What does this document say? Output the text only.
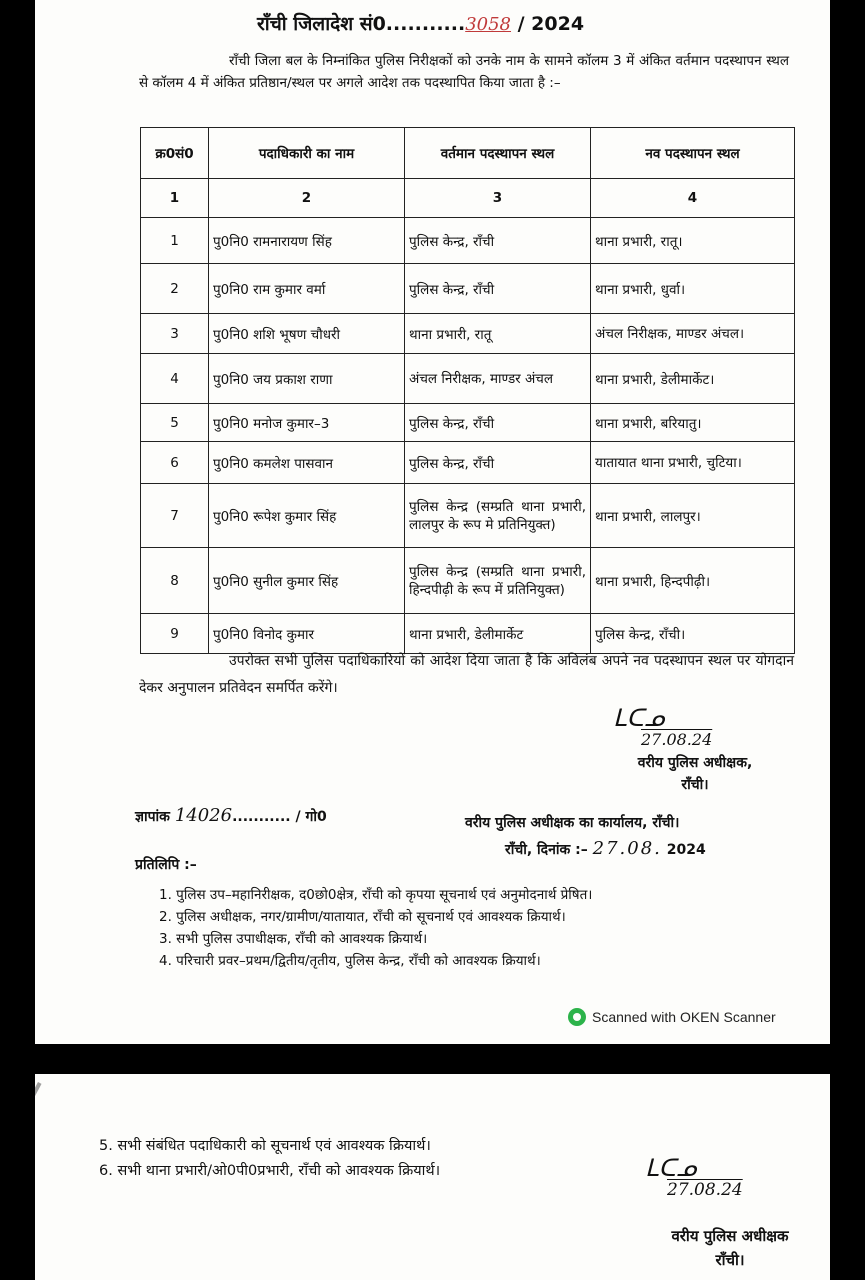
राँची जिलादेश सं0...........3058 / 2024
राँची जिला बल के निम्नांकित पुलिस निरीक्षकों को उनके नाम के सामने कॉलम 3 में अंकित वर्तमान पदस्थापन स्थल से कॉलम 4 में अंकित प्रतिष्ठान/स्थल पर अगले आदेश तक पदस्थापित किया जाता है :–
क्र0सं0	पदाधिकारी का नाम	वर्तमान पदस्थापन स्थल	नव पदस्थापन स्थल
1	2	3	4
1	पु0नि0 रामनारायण सिंह	पुलिस केन्द्र, राँची	थाना प्रभारी, रातू।
2	पु0नि0 राम कुमार वर्मा	पुलिस केन्द्र, राँची	थाना प्रभारी, धुर्वा।
3	पु0नि0 शशि भूषण चौधरी	थाना प्रभारी, रातू	अंचल निरीक्षक, माण्डर अंचल।
4	पु0नि0 जय प्रकाश राणा	अंचल निरीक्षक, माण्डर अंचल	थाना प्रभारी, डेलीमार्केट।
5	पु0नि0 मनोज कुमार–3	पुलिस केन्द्र, राँची	थाना प्रभारी, बरियातु।
6	पु0नि0 कमलेश पासवान	पुलिस केन्द्र, राँची	यातायात थाना प्रभारी, चुटिया।
7	पु0नि0 रूपेश कुमार सिंह	पुलिस केन्द्र (सम्प्रति थाना प्रभारी, लालपुर के रूप मे प्रतिनियुक्त)	थाना प्रभारी, लालपुर।
8	पु0नि0 सुनील कुमार सिंह	पुलिस केन्द्र (सम्प्रति थाना प्रभारी, हिन्दपीढ़ी के रूप में प्रतिनियुक्त)	थाना प्रभारी, हिन्दपीढ़ी।
9	पु0नि0 विनोद कुमार	थाना प्रभारी, डेलीमार्केट	पुलिस केन्द्र, राँची।
उपरोक्त सभी पुलिस पदाधिकारियों को आदेश दिया जाता है कि अविलंब अपने नव पदस्थापन स्थल पर योगदान देकर अनुपालन प्रतिवेदन समर्पित करेंगे।
ᒪᑕᓄ
27.08.24
वरीय पुलिस अधीक्षक,
राँची।
ज्ञापांक 14026........... / गो0	वरीय पुलिस अधीक्षक का कार्यालय, राँची।
राँची, दिनांक :– 27.08. 2024
प्रतिलिपि :–
1. पुलिस उप–महानिरीक्षक, द0छो0क्षेत्र, राँची को कृपया सूचनार्थ एवं अनुमोदनार्थ प्रेषित।
2. पुलिस अधीक्षक, नगर/ग्रामीण/यातायात, राँची को सूचनार्थ एवं आवश्यक क्रियार्थ।
3. सभी पुलिस उपाधीक्षक, राँची को आवश्यक क्रियार्थ।
4. परिचारी प्रवर–प्रथम/द्वितीय/तृतीय, पुलिस केन्द्र, राँची को आवश्यक क्रियार्थ।
Scanned with OKEN Scanner
5. सभी संबंधित पदाधिकारी को सूचनार्थ एवं आवश्यक क्रियार्थ।
6. सभी थाना प्रभारी/ओ0पी0प्रभारी, राँची को आवश्यक क्रियार्थ।	ᒪᑕᓄ
27.08.24
वरीय पुलिस अधीक्षक
राँची।
